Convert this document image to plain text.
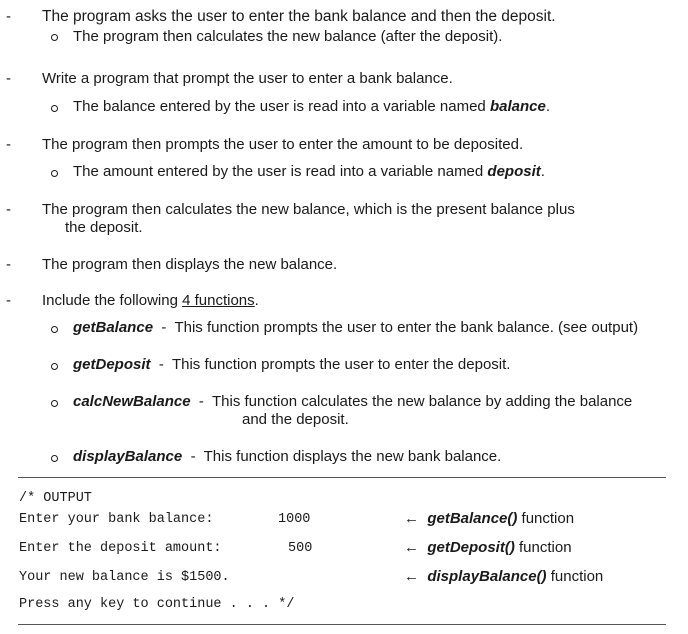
- The program asks the user to enter the bank balance and then the deposit.
The program then calculates the new balance (after the deposit).
- Write a program that prompt the user to enter a bank balance.
The balance entered by the user is read into a variable named balance.
- The program then prompts the user to enter the amount to be deposited.
The amount entered by the user is read into a variable named deposit.
- The program then calculates the new balance, which is the present balance plus
the deposit.
- The program then displays the new balance.
- Include the following 4 functions.
getBalance - This function prompts the user to enter the bank balance. (see output)
getDeposit - This function prompts the user to enter the deposit.
calcNewBalance - This function calculates the new balance by adding the balance
and the deposit.
displayBalance - This function displays the new bank balance.
/* OUTPUT
Enter your bank balance:	1000
Enter the deposit amount:	500
Your new balance is $1500.
Press any key to continue . . . */
← getBalance() function
← getDeposit() function
← displayBalance() function
